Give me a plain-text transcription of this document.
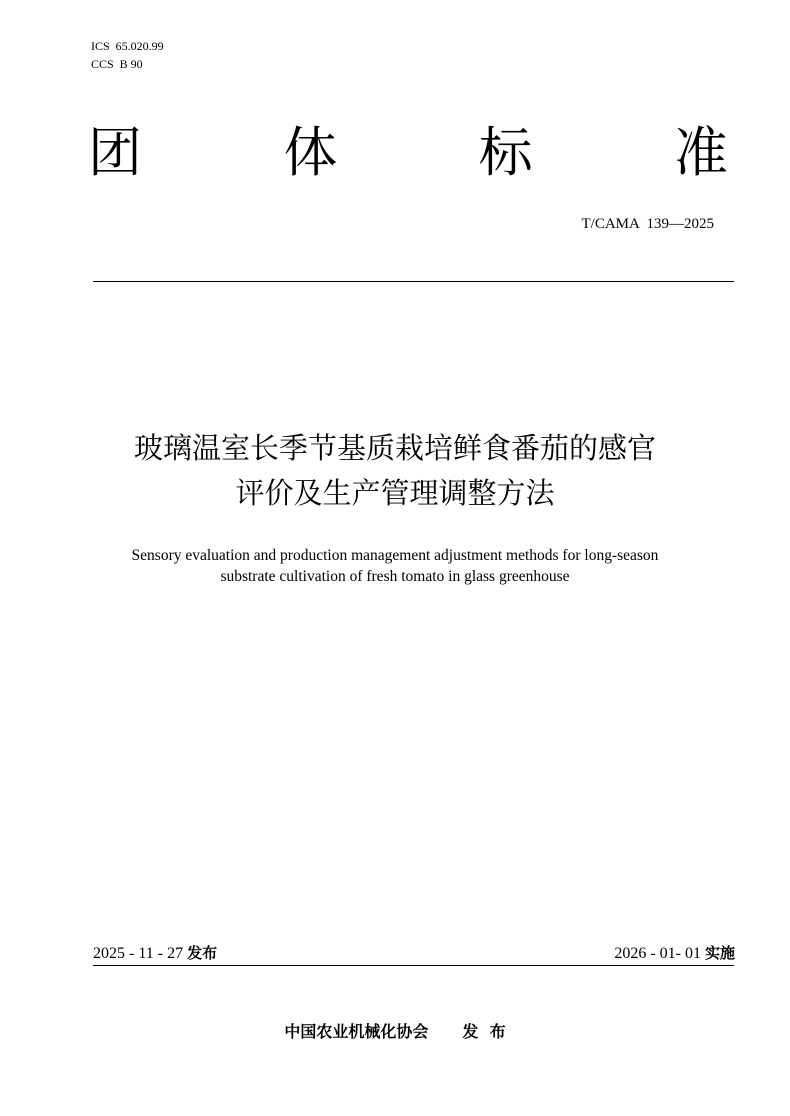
ICS  65.020.99
CCS  B 90
团	体	标	准
T/CAMA  139—2025
玻璃温室长季节基质栽培鲜食番茄的感官
评价及生产管理调整方法
Sensory evaluation and production management adjustment methods for long-season
substrate cultivation of fresh tomato in glass greenhouse
2025 - 11 - 27 发布	2026 - 01- 01 实施
中国农业机械化协会 发  布
